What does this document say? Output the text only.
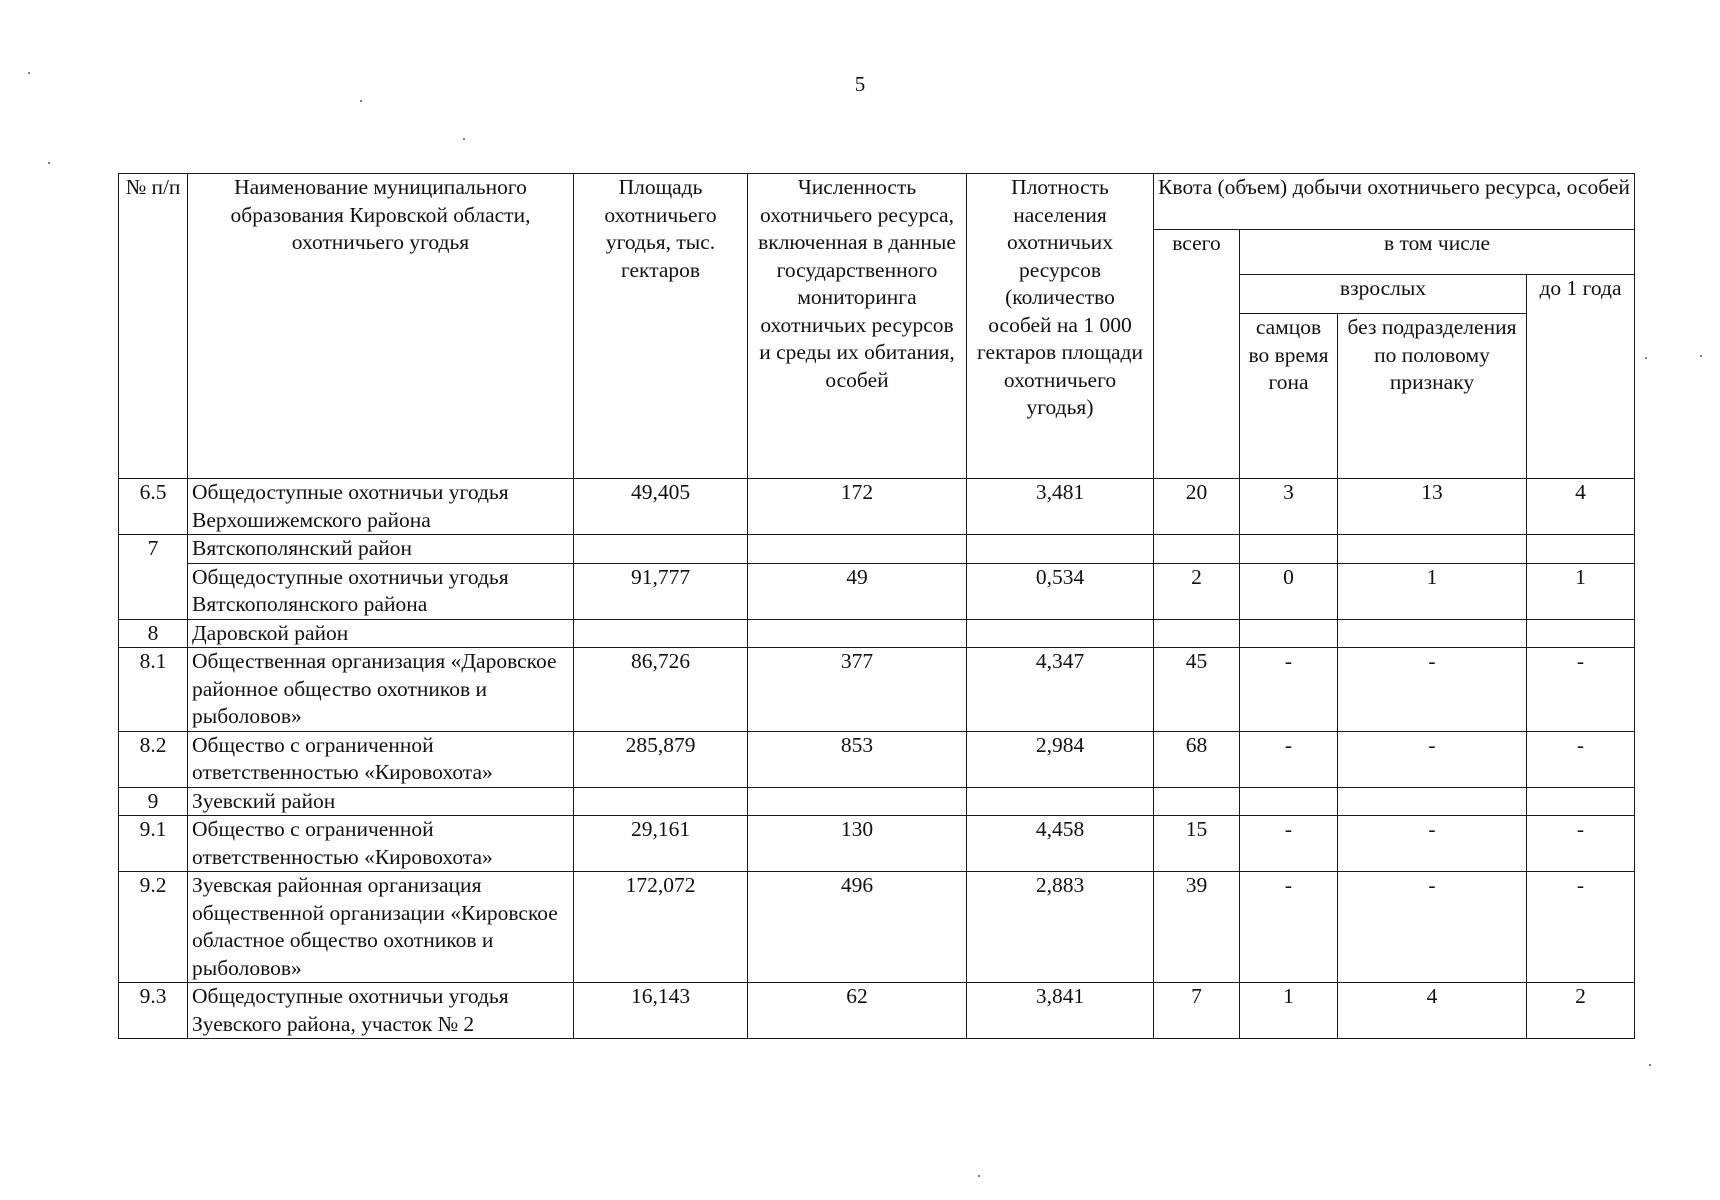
5
№ п/п	Наименование муниципального образования Кировской области, охотничьего угодья	Площадь охотничьего угодья, тыс. гектаров	Численность охотничьего ресурса, включенная в данные государственного мониторинга охотничьих ресурсов и среды их обитания, особей	Плотность населения охотничьих ресурсов (количество особей на 1 000 гектаров площади охотничьего угодья)	Квота (объем) добычи охотничьего ресурса, особей			
					всего	в том числе		
						взрослых		до 1 года
						самцов во время гона	без подразделения по половому признаку	
6.5	Общедоступные охотничьи угодья Верхошижемского района	49,405	172	3,481	20	3	13	4
7	Вятскополянский район							
	Общедоступные охотничьи угодья Вятскополянского района	91,777	49	0,534	2	0	1	1
8	Даровской район							
8.1	Общественная организация «Даровское районное общество охотников и рыболовов»	86,726	377	4,347	45	-	-	-
8.2	Общество с ограниченной ответственностью «Кировохота»	285,879	853	2,984	68	-	-	-
9	Зуевский район							
9.1	Общество с ограниченной ответственностью «Кировохота»	29,161	130	4,458	15	-	-	-
9.2	Зуевская районная организация общественной организации «Кировское областное общество охотников и рыболовов»	172,072	496	2,883	39	-	-	-
9.3	Общедоступные охотничьи угодья Зуевского района, участок № 2	16,143	62	3,841	7	1	4	2
